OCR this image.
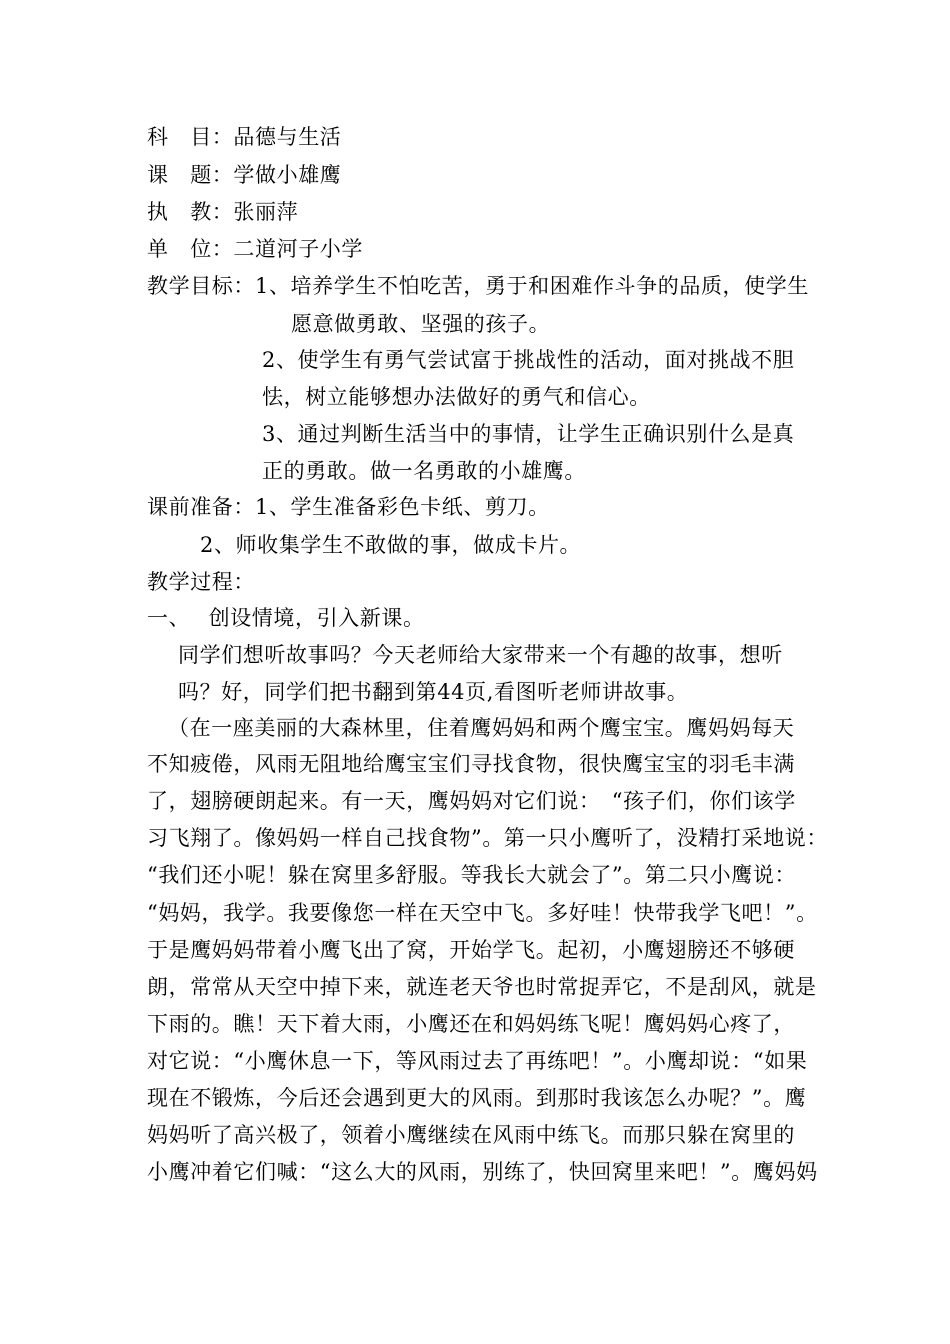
科　目：品德与生活

课　题：学做小雄鹰

执　教：张丽萍

单　位：二道河子小学

教学目标：1、培养学生不怕吃苦，勇于和困难作斗争的品质，使学生

愿意做勇敢、坚强的孩子。

2、使学生有勇气尝试富于挑战性的活动，面对挑战不胆

怯，树立能够想办法做好的勇气和信心。

3、通过判断生活当中的事情，让学生正确识别什么是真

正的勇敢。做一名勇敢的小雄鹰。

课前准备：1、学生准备彩色卡纸、剪刀。

2、师收集学生不敢做的事，做成卡片。

教学过程：

一、　 创设情境，引入新课。

同学们想听故事吗？今天老师给大家带来一个有趣的故事，想听

吗？好，同学们把书翻到第44页,看图听老师讲故事。

（在一座美丽的大森林里，住着鹰妈妈和两个鹰宝宝。鹰妈妈每天

不知疲倦，风雨无阻地给鹰宝宝们寻找食物，很快鹰宝宝的羽毛丰满

了，翅膀硬朗起来。有一天，鹰妈妈对它们说：　“孩子们，你们该学

习飞翔了。像妈妈一样自己找食物”。第一只小鹰听了，没精打采地说：

“我们还小呢！躲在窝里多舒服。等我长大就会了”。第二只小鹰说：

“妈妈，我学。我要像您一样在天空中飞。多好哇！快带我学飞吧！”。

于是鹰妈妈带着小鹰飞出了窝，开始学飞。起初，小鹰翅膀还不够硬

朗，常常从天空中掉下来，就连老天爷也时常捉弄它，不是刮风，就是

下雨的。瞧！天下着大雨，小鹰还在和妈妈练飞呢！鹰妈妈心疼了，

对它说：“小鹰休息一下，等风雨过去了再练吧！”。小鹰却说：“如果

现在不锻炼，今后还会遇到更大的风雨。到那时我该怎么办呢？”。鹰

妈妈听了高兴极了，领着小鹰继续在风雨中练飞。而那只躲在窝里的

小鹰冲着它们喊：“这么大的风雨，别练了，快回窝里来吧！”。鹰妈妈
